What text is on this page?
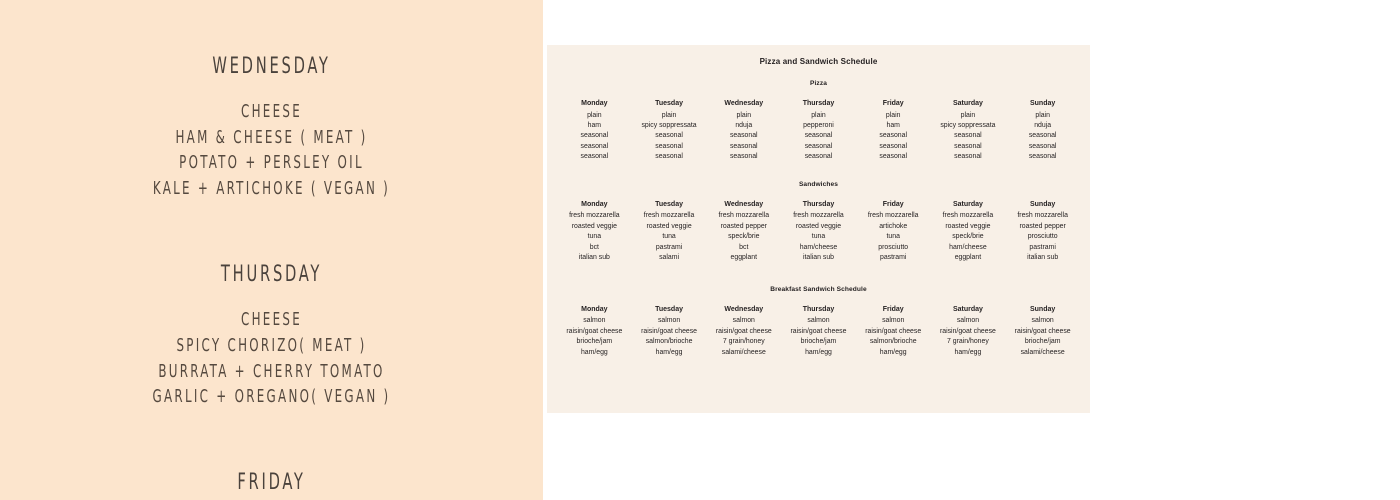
WEDNESDAY
CHEESE
HAM & CHEESE ( MEAT )
POTATO + PERSLEY OIL
KALE + ARTICHOKE ( VEGAN )
THURSDAY
CHEESE
SPICY CHORIZO( MEAT )
BURRATA + CHERRY TOMATO
GARLIC + OREGANO( VEGAN )
FRIDAY
Pizza and Sandwich Schedule
Pizza
Monday
plain
ham
seasonal
seasonal
seasonal
Tuesday
plain
spicy soppressata
seasonal
seasonal
seasonal
Wednesday
plain
nduja
seasonal
seasonal
seasonal
Thursday
plain
pepperoni
seasonal
seasonal
seasonal
Friday
plain
ham
seasonal
seasonal
seasonal
Saturday
plain
spicy soppressata
seasonal
seasonal
seasonal
Sunday
plain
nduja
seasonal
seasonal
seasonal
Sandwiches
Monday
fresh mozzarella
roasted veggie
tuna
bct
italian sub
Tuesday
fresh mozzarella
roasted veggie
tuna
pastrami
salami
Wednesday
fresh mozzarella
roasted pepper
speck/brie
bct
eggplant
Thursday
fresh mozzarella
roasted veggie
tuna
ham/cheese
italian sub
Friday
fresh mozzarella
artichoke
tuna
prosciutto
pastrami
Saturday
fresh mozzarella
roasted veggie
speck/brie
ham/cheese
eggplant
Sunday
fresh mozzarella
roasted pepper
prosciutto
pastrami
italian sub
Breakfast Sandwich Schedule
Monday
salmon
raisin/goat cheese
brioche/jam
ham/egg
Tuesday
salmon
raisin/goat cheese
salmon/brioche
ham/egg
Wednesday
salmon
raisin/goat cheese
7 grain/honey
salami/cheese
Thursday
salmon
raisin/goat cheese
brioche/jam
ham/egg
Friday
salmon
raisin/goat cheese
salmon/brioche
ham/egg
Saturday
salmon
raisin/goat cheese
7 grain/honey
ham/egg
Sunday
salmon
raisin/goat cheese
brioche/jam
salami/cheese
